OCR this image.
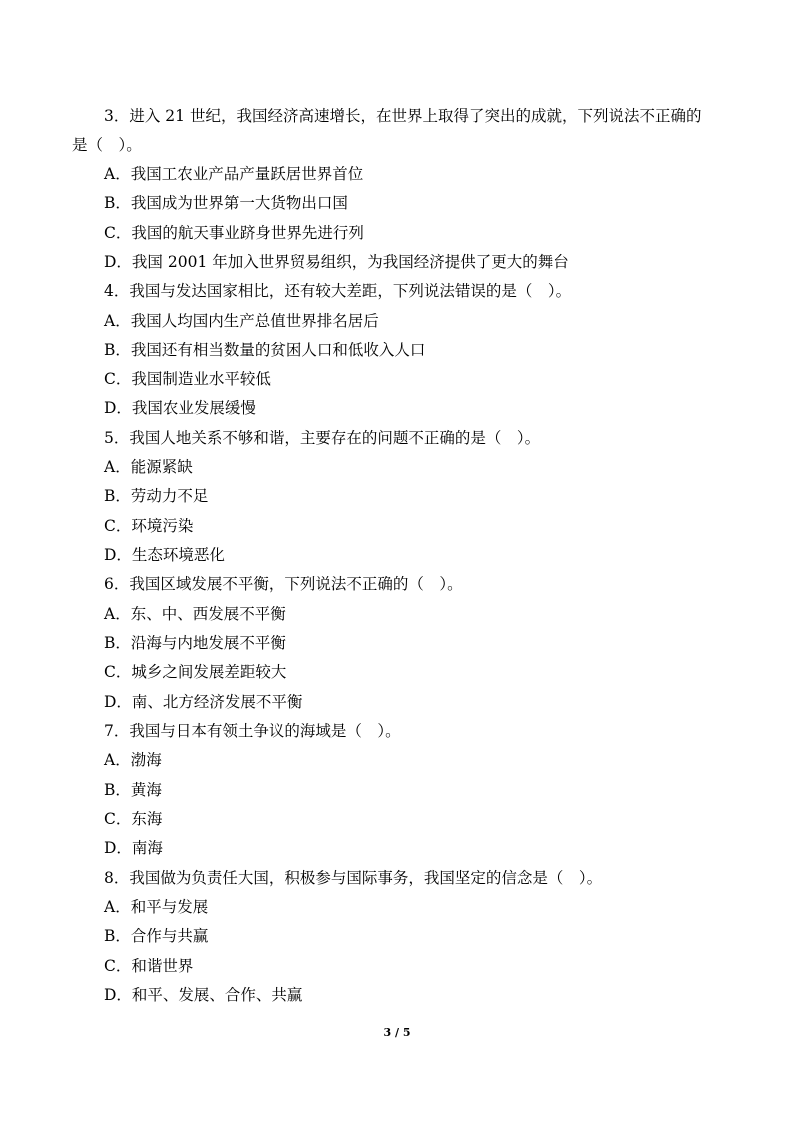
3．进入 21 世纪，我国经济高速增长，在世界上取得了突出的成就，下列说法不正确的
是（　）。
A．我国工农业产品产量跃居世界首位
B．我国成为世界第一大货物出口国
C．我国的航天事业跻身世界先进行列
D．我国 2001 年加入世界贸易组织，为我国经济提供了更大的舞台
4．我国与发达国家相比，还有较大差距，下列说法错误的是（　）。
A．我国人均国内生产总值世界排名居后
B．我国还有相当数量的贫困人口和低收入人口
C．我国制造业水平较低
D．我国农业发展缓慢
5．我国人地关系不够和谐，主要存在的问题不正确的是（　）。
A．能源紧缺
B．劳动力不足
C．环境污染
D．生态环境恶化
6．我国区域发展不平衡，下列说法不正确的（　）。
A．东、中、西发展不平衡
B．沿海与内地发展不平衡
C．城乡之间发展差距较大
D．南、北方经济发展不平衡
7．我国与日本有领土争议的海域是（　）。
A．渤海
B．黄海
C．东海
D．南海
8．我国做为负责任大国，积极参与国际事务，我国坚定的信念是（　）。
A．和平与发展
B．合作与共赢
C．和谐世界
D．和平、发展、合作、共赢
3 / 5
